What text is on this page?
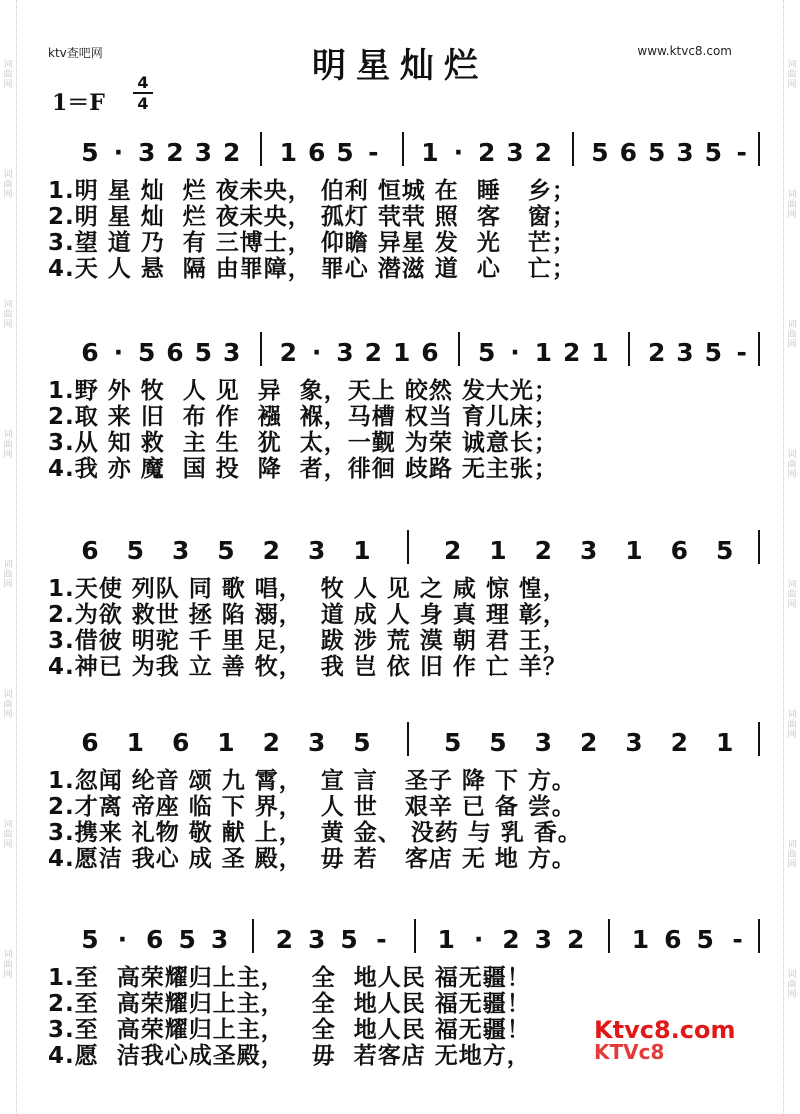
词曲网
词曲网
词曲网
词曲网
词曲网
词曲网
词曲网
词曲网
词曲网
词曲网
词曲网
词曲网
词曲网
词曲网
词曲网
词曲网
ktv查吧网	www.ktvc8.com
明星灿烂
1＝F
4
4
5 · 3 2 3 2 1 6 5 - 1 · 2 3 2 5 6 5 3 5 -
1.明 星 灿  烂 夜未央， 伯利 恒城 在  睡   乡；
2.明 星 灿  烂 夜未央， 孤灯 茕茕 照  客   窗；
3.望 道 乃  有 三博士， 仰瞻 异星 发  光   芒；
4.天 人 悬  隔 由罪障， 罪心 潜滋 道  心   亡；
6 · 5 6 5 3 2 · 3 2 1 6 5 · 1 2 1 2 3 5 -
1.野 外 牧  人 见  异  象，天上 皎然 发大光；
2.取 来 旧  布 作  襁  褓，马槽 权当 育儿床；
3.从 知 救  主 生  犹  太，一觐 为荣 诚意长；
4.我 亦 魔  国 投  降  者，徘徊 歧路 无主张；
6 5 3 5 2 3 1	2 1 2 3 1 6 5
1.天使 列队 同 歌 唱，  牧 人 见 之 咸 惊 惶，
2.为欲 救世 拯 陷 溺，  道 成 人 身 真 理 彰，
3.借彼 明驼 千 里 足，  跋 涉 荒 漠 朝 君 王，
4.神已 为我 立 善 牧，  我 岂 依 旧 作 亡 羊？
6 1 6 1 2 3 5	5 5 3 2 3 2 1
1.忽闻 纶音 颂 九 霄，  宣 言   圣子 降 下 方。
2.才离 帝座 临 下 界，  人 世   艰辛 已 备 尝。
3.携来 礼物 敬 献 上，  黄 金、 没药 与 乳 香。
4.愿洁 我心 成 圣 殿，  毋 若   客店 无 地 方。
5 · 6 5 3 2 3 5 - 1 · 2 3 2 1 6 5 -
1.至  高荣耀归上主，   全  地人民 福无疆！
2.至  高荣耀归上主，   全  地人民 福无疆！
3.至  高荣耀归上主，   全  地人民 福无疆！
4.愿  洁我心成圣殿，   毋  若客店 无地方，
Ktvc8.com
KTVc8
